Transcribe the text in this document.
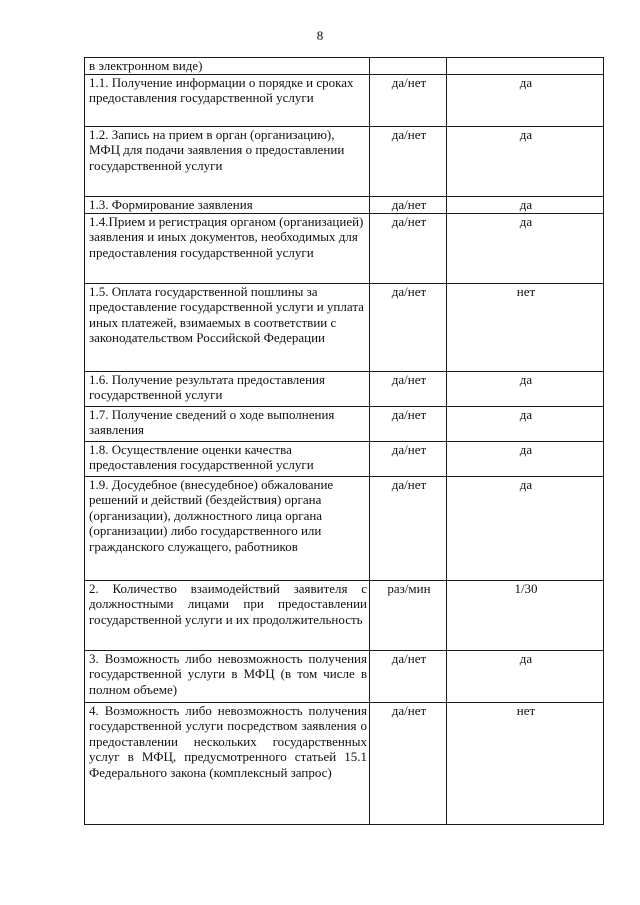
8
в электронном виде)		
1.1. Получение информации о порядке и сроках предоставления государственной услуги	да/нет	да
1.2. Запись на прием в орган (организацию), МФЦ для подачи заявления о предоставлении государственной услуги	да/нет	да
1.3. Формирование заявления	да/нет	да
1.4.Прием и регистрация органом (организацией) заявления и иных документов, необходимых для предоставления государственной услуги	да/нет	да
1.5. Оплата государственной пошлины за предоставление государственной услуги и уплата иных платежей, взимаемых в соответствии с законодательством Российской Федерации	да/нет	нет
1.6. Получение результата предоставления государственной услуги	да/нет	да
1.7. Получение сведений о ходе выполнения заявления	да/нет	да
1.8. Осуществление оценки качества предоставления государственной услуги	да/нет	да
1.9. Досудебное (внесудебное) обжалование решений и действий (бездействия) органа (организации), должностного лица органа (организации) либо государственного или гражданского служащего, работников	да/нет	да
2. Количество взаимодействий заявителя с должностными лицами при предоставлении государственной услуги и их продолжительность	раз/мин	1/30
3. Возможность либо невозможность получения государственной услуги в МФЦ (в том числе в полном объеме)	да/нет	да
4. Возможность либо невозможность получения государственной услуги посредством заявления о предоставлении нескольких государственных услуг в МФЦ, предусмотренного статьей 15.1 Федерального закона (комплексный запрос)	да/нет	нет
